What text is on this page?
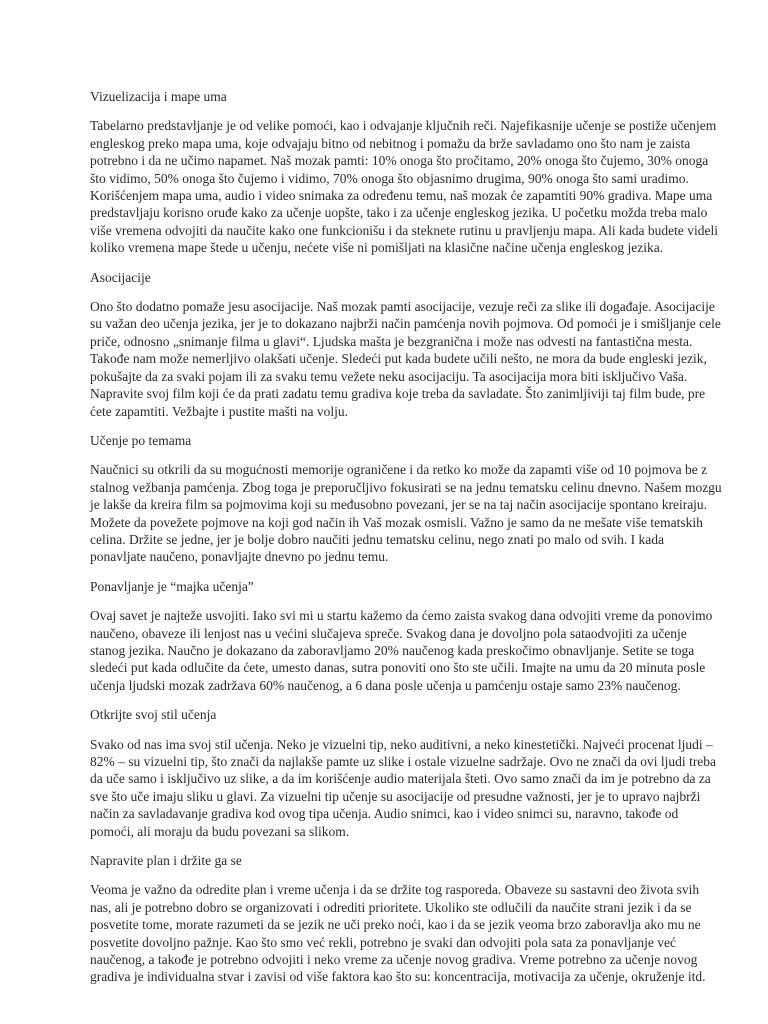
Vizuelizacija i mape uma
Tabelarno predstavljanje je od velike pomoći, kao i odvajanje ključnih reči. Najefikasnije učenje se postiže učenjem
engleskog preko mapa uma, koje odvajaju bitno od nebitnog i pomažu da brže savladamo ono što nam je zaista
potrebno i da ne učimo napamet. Naš mozak pamti: 10% onoga što pročitamo, 20% onoga što čujemo, 30% onoga
što vidimo, 50% onoga što čujemo i vidimo, 70% onoga što objasnimo drugima, 90% onoga što sami uradimo.
Korišćenjem mapa uma, audio i video snimaka za određenu temu, naš mozak će zapamtiti 90% gradiva. Mape uma
predstavljaju korisno oruđe kako za učenje uopšte, tako i za učenje engleskog jezika. U početku možda treba malo
više vremena odvojiti da naučite kako one funkcionišu i da steknete rutinu u pravljenju mapa. Ali kada budete videli
koliko vremena mape štede u učenju, nećete više ni pomišljati na klasične načine učenja engleskog jezika.
Asocijacije
Ono što dodatno pomaže jesu asocijacije. Naš mozak pamti asocijacije, vezuje reči za slike ili događaje. Asocijacije
su važan deo učenja jezika, jer je to dokazano najbrži način pamćenja novih pojmova. Od pomoći je i smišljanje cele
priče, odnosno „snimanje filma u glavi“. Ljudska mašta je bezgranična i može nas odvesti na fantastična mesta.
Takođe nam može nemerljivo olakšati učenje. Sledeći put kada budete učili nešto, ne mora da bude engleski jezik,
pokušajte da za svaki pojam ili za svaku temu vežete neku asocijaciju. Ta asocijacija mora biti isključivo Vaša.
Napravite svoj film koji će da prati zadatu temu gradiva koje treba da savladate. Što zanimljiviji taj film bude, pre
ćete zapamtiti. Vežbajte i pustite mašti na volju.
Učenje po temama
Naučnici su otkrili da su mogućnosti memorije ograničene i da retko ko može da zapamti više od 10 pojmova be z
stalnog vežbanja pamćenja. Zbog toga je preporučljivo fokusirati se na jednu tematsku celinu dnevno. Našem mozgu
je lakše da kreira film sa pojmovima koji su međusobno povezani, jer se na taj način asocijacije spontano kreiraju.
Možete da povežete pojmove na koji god način ih Vaš mozak osmisli. Važno je samo da ne mešate više tematskih
celina. Držite se jedne, jer je bolje dobro naučiti jednu tematsku celinu, nego znati po malo od svih. I kada
ponavljate naučeno, ponavljajte dnevno po jednu temu.
Ponavljanje je “majka učenja”
Ovaj savet je najteže usvojiti. Iako svi mi u startu kažemo da ćemo zaista svakog dana odvojiti vreme da ponovimo
naučeno, obaveze ili lenjost nas u većini slučajeva spreče. Svakog dana je dovoljno pola sataodvojiti za učenje
stanog jezika. Naučno je dokazano da zaboravljamo 20% naučenog kada preskočimo obnavljanje. Setite se toga
sledeći put kada odlučite da ćete, umesto danas, sutra ponoviti ono što ste učili. Imajte na umu da 20 minuta posle
učenja ljudski mozak zadržava 60% naučenog, a 6 dana posle učenja u pamćenju ostaje samo 23% naučenog.
Otkrijte svoj stil učenja
Svako od nas ima svoj stil učenja. Neko je vizuelni tip, neko auditivni, a neko kinestetički. Najveći procenat ljudi –
82% – su vizuelni tip, što znači da najlakše pamte uz slike i ostale vizuelne sadržaje. Ovo ne znači da ovi ljudi treba
da uče samo i isključivo uz slike, a da im korišćenje audio materijala šteti. Ovo samo znači da im je potrebno da za
sve što uče imaju sliku u glavi. Za vizuelni tip učenje su asocijacije od presudne važnosti, jer je to upravo najbrži
način za savladavanje gradiva kod ovog tipa učenja. Audio snimci, kao i video snimci su, naravno, takođe od
pomoći, ali moraju da budu povezani sa slikom.
Napravite plan i držite ga se
Veoma je važno da odredite plan i vreme učenja i da se držite tog rasporeda. Obaveze su sastavni deo života svih
nas, ali je potrebno dobro se organizovati i odrediti prioritete. Ukoliko ste odlučili da naučite strani jezik i da se
posvetite tome, morate razumeti da se jezik ne uči preko noći, kao i da se jezik veoma brzo zaboravlja ako mu ne
posvetite dovoljno pažnje. Kao što smo već rekli, potrebno je svaki dan odvojiti pola sata za ponavljanje već
naučenog, a takođe je potrebno odvojiti i neko vreme za učenje novog gradiva. Vreme potrebno za učenje novog
gradiva je individualna stvar i zavisi od više faktora kao što su: koncentracija, motivacija za učenje, okruženje itd.
